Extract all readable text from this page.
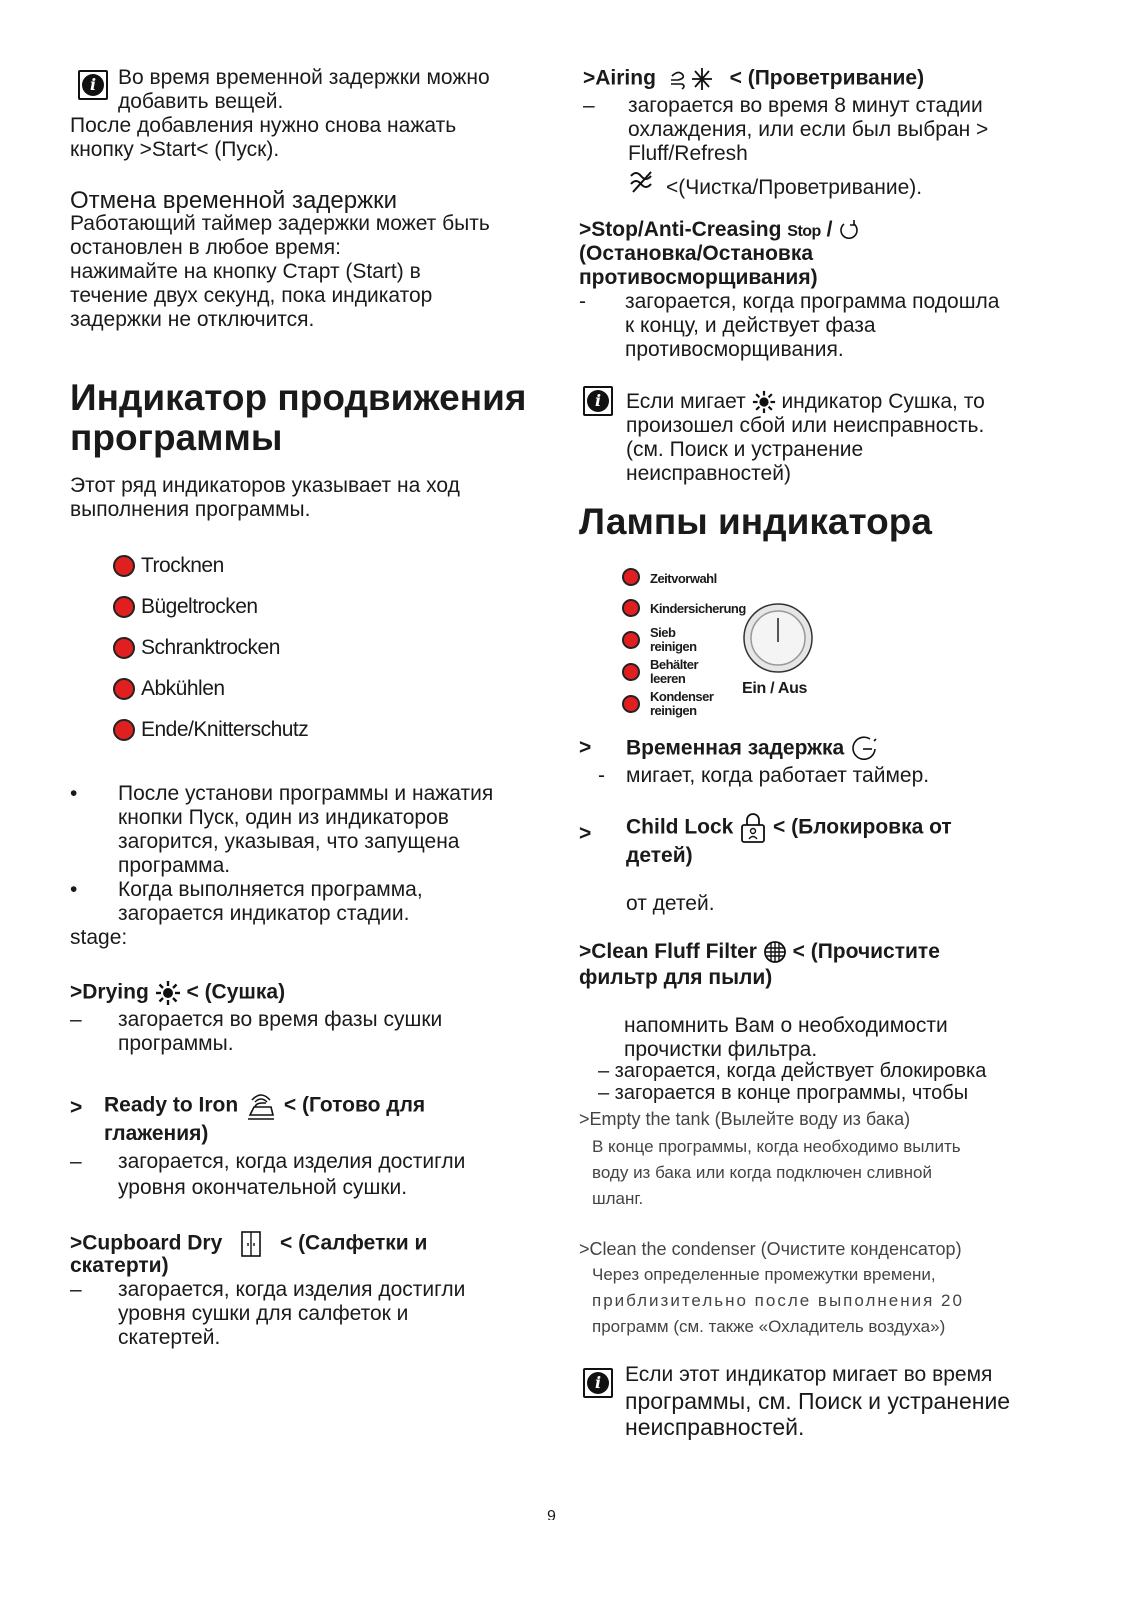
i	Во время временной задержки можно
добавить вещей.
После добавления нужно снова нажать
кнопку >Start< (Пуск).
Отмена временной задержки
Работающий таймер задержки может быть
остановлен в любое время:
нажимайте на кнопку Старт (Start) в
течение двух секунд, пока индикатор
задержки не отключится.
Индикатор продвижения
программы
Этот ряд индикаторов указывает на ход
выполнения программы.
Trocknen
Bügeltrocken
Schranktrocken
Abkühlen
Ende/Knitterschutz
• После установи программы и нажатия
кнопки Пуск, один из индикаторов
загорится, указывая, что запущена
программа.
• Когда выполняется программа,
загорается индикатор стадии.
stage:
>Drying < (Сушка)
– загорается во время фазы сушки
программы.
> Ready to Iron < (Готово для
глажения)
– загорается, когда изделия достигли
уровня окончательной сушки.
>Cupboard Dry	< (Салфетки и
скатерти)
– загорается, когда изделия достигли
уровня сушки для салфеток и
скатертей.
>Airing	< (Проветривание)
– загорается во время 8 минут стадии
охлаждения, или если был выбран >
Fluff/Refresh
<(Чистка/Проветривание).
>Stop/Anti-Creasing Stop /
(Остановка/Остановка
противосморщивания)
- загорается, когда программа подошла
к концу, и действует фаза
противосморщивания.
i	Если мигает индикатор Сушка, то
произошел сбой или неисправность.
(см. Поиск и устранение
неисправностей)
Лампы индикатора
Zeitvorwahl
Kindersicherung
Sieb
reinigen
Behälter
leeren
Kondenser
reinigen
Ein / Aus
> Временная задержка
- мигает, когда работает таймер.
> Child Lock < (Блокировка от
детей)
от детей.
>Clean Fluff Filter < (Прочистите
фильтр для пыли)
напомнить Вам о необходимости
прочистки фильтра.
– загорается, когда действует блокировка
– загорается в конце программы, чтобы
>Empty the tank (Вылейте воду из бака)
В конце программы, когда необходимо вылить
воду из бака или когда подключен сливной
шланг.
>Clean the condenser (Очистите конденсатор)
Через определенные промежутки времени,
приблизительно после выполнения 20
программ (см. также «Охладитель воздуха»)
i	Если этот индикатор мигает во время
программы, см. Поиск и устранение
неисправностей.
9
